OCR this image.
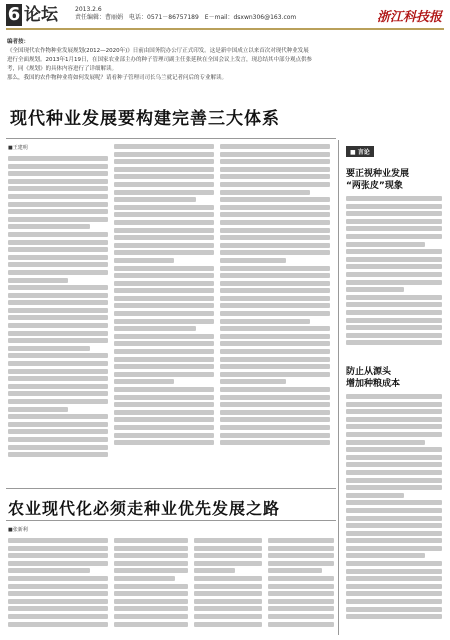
6 论坛	2013.2.6
责任编辑：曹丽娟　电话：0571－86757189　E－mail：dsxwn306@163.com	浙江科技报
编者按：
《全国现代农作物种业发展规划(2012—2020年)》日前由国务院办公厅正式印发。这是新中国成立以来首次对现代种业发展
进行全面规划。2013年1月19日，在国家农业部主办的种子管理司副主任张延秋在全国会议上发言，现总结其中部分观点供参
考，同《规划》的具体内容进行了详细解读。
那么，我国的农作物种业将如何发展呢？请看种子管理司司长乌兰就记者问后的专业解读。
现代种业发展要构建完善三大体系
■王建明
■ 言论
要正视种业发展
“两张皮”现象
防止从源头
增加种粮成本
农业现代化必须走种业优先发展之路
■张新利
